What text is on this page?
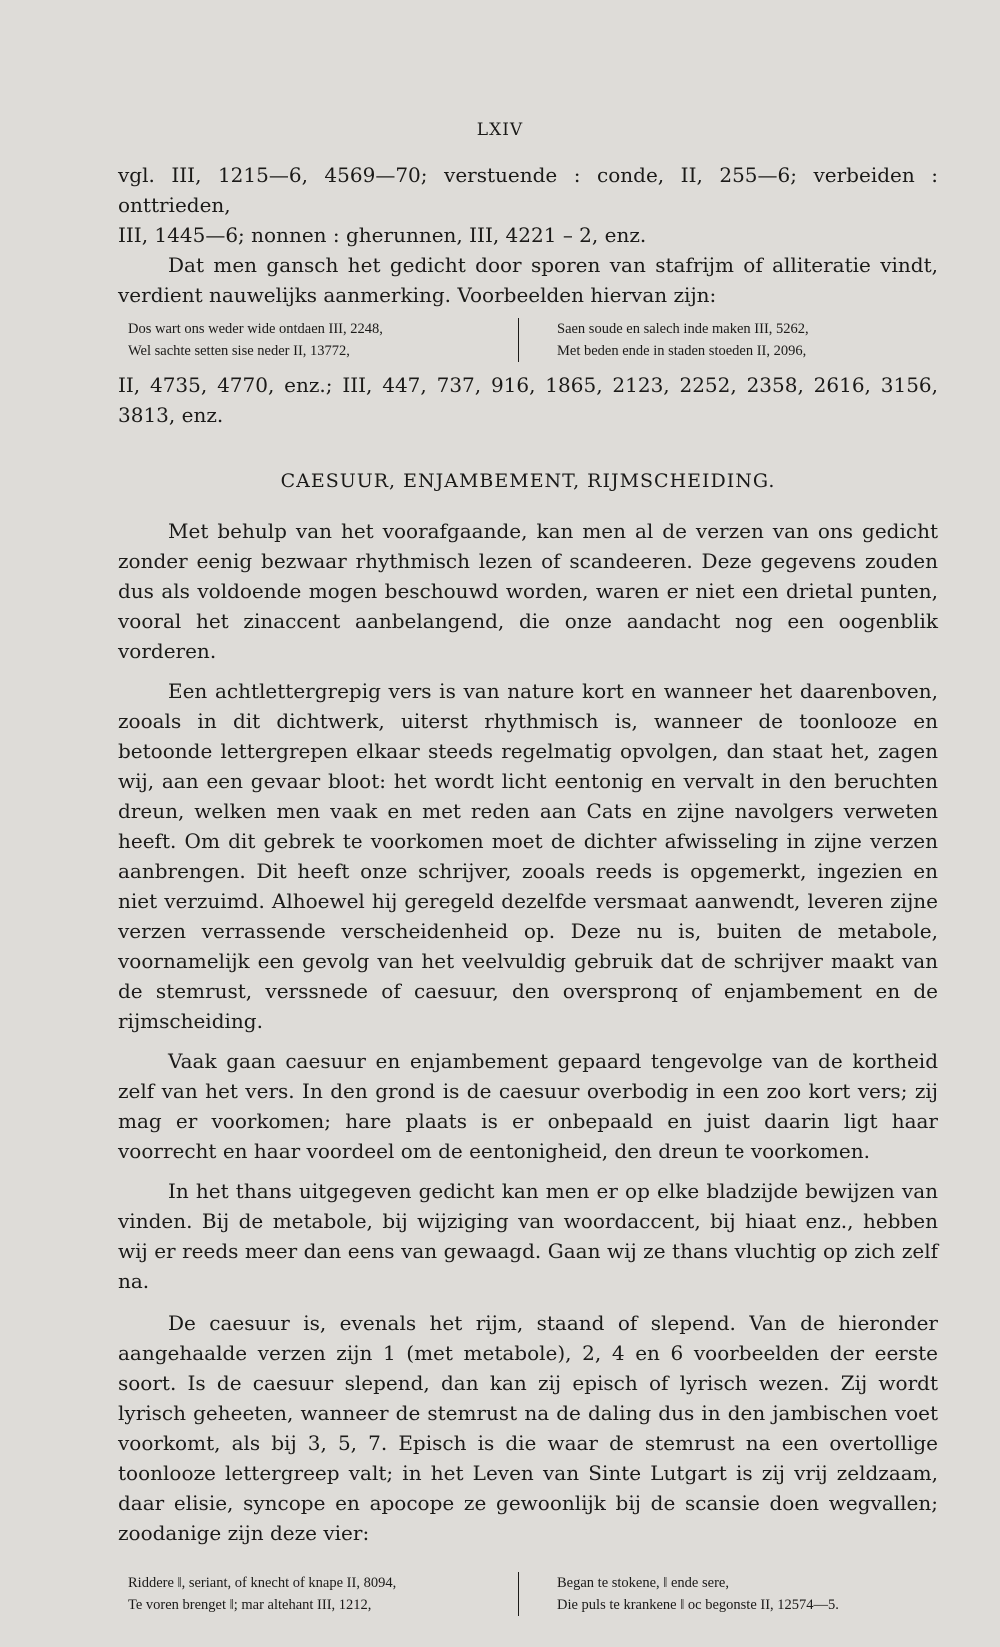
LXIV

vgl. III, 1215—6, 4569—70; verstuende : conde, II, 255—6; verbeiden : onttrieden,

III, 1445—6; nonnen : gherunnen, III, 4221 – 2, enz.

Dat men gansch het gedicht door sporen van stafrijm of alliteratie vindt, verdient nauwelijks aanmerking. Voorbeelden hiervan zijn:

Dos wart ons weder wide ontdaen III, 2248,
Wel sachte setten sise neder II, 13772,
Saen soude en salech inde maken III, 5262,
Met beden ende in staden stoeden II, 2096,

II, 4735, 4770, enz.; III, 447, 737, 916, 1865, 2123, 2252, 2358, 2616, 3156, 3813, enz.

CAESUUR, ENJAMBEMENT, RIJMSCHEIDING.

Met behulp van het voorafgaande, kan men al de verzen van ons gedicht zonder eenig bezwaar rhythmisch lezen of scandeeren. Deze gegevens zouden dus als voldoende mogen beschouwd worden, waren er niet een drietal punten, vooral het zinaccent aanbelangend, die onze aandacht nog een oogenblik vorderen.

Een achtlettergrepig vers is van nature kort en wanneer het daarenboven, zooals in dit dichtwerk, uiterst rhythmisch is, wanneer de toonlooze en betoonde lettergrepen elkaar steeds regelmatig opvolgen, dan staat het, zagen wij, aan een gevaar bloot: het wordt licht eentonig en vervalt in den beruchten dreun, welken men vaak en met reden aan Cats en zijne navolgers verweten heeft. Om dit gebrek te voorkomen moet de dichter afwisseling in zijne verzen aanbrengen. Dit heeft onze schrijver, zooals reeds is opgemerkt, ingezien en niet verzuimd. Alhoewel hij geregeld dezelfde versmaat aanwendt, leveren zijne verzen verrassende verscheidenheid op. Deze nu is, buiten de metabole, voornamelijk een gevolg van het veelvuldig gebruik dat de schrijver maakt van de stemrust, verssnede of caesuur, den overspronq of enjambement en de rijmscheiding.

Vaak gaan caesuur en enjambement gepaard tengevolge van de kortheid zelf van het vers. In den grond is de caesuur overbodig in een zoo kort vers; zij mag er voorkomen; hare plaats is er onbepaald en juist daarin ligt haar voorrecht en haar voordeel om de eentonigheid, den dreun te voorkomen.

In het thans uitgegeven gedicht kan men er op elke bladzijde bewijzen van vinden. Bij de metabole, bij wijziging van woordaccent, bij hiaat enz., hebben wij er reeds meer dan eens van gewaagd. Gaan wij ze thans vluchtig op zich zelf na.

De caesuur is, evenals het rijm, staand of slepend. Van de hieronder aangehaalde verzen zijn 1 (met metabole), 2, 4 en 6 voorbeelden der eerste soort. Is de caesuur slepend, dan kan zij episch of lyrisch wezen. Zij wordt lyrisch geheeten, wanneer de stemrust na de daling dus in den jambischen voet voorkomt, als bij 3, 5, 7. Episch is die waar de stemrust na een overtollige toonlooze lettergreep valt; in het Leven van Sinte Lutgart is zij vrij zeldzaam, daar elisie, syncope en apocope ze gewoonlijk bij de scansie doen wegvallen; zoodanige zijn deze vier:

Riddere ‖, seriant, of knecht of knape II, 8094,
Te voren brenget ‖; mar altehant III, 1212,
Began te stokene, ‖ ende sere,
Die puls te krankene ‖ oc begonste II, 12574—5.
